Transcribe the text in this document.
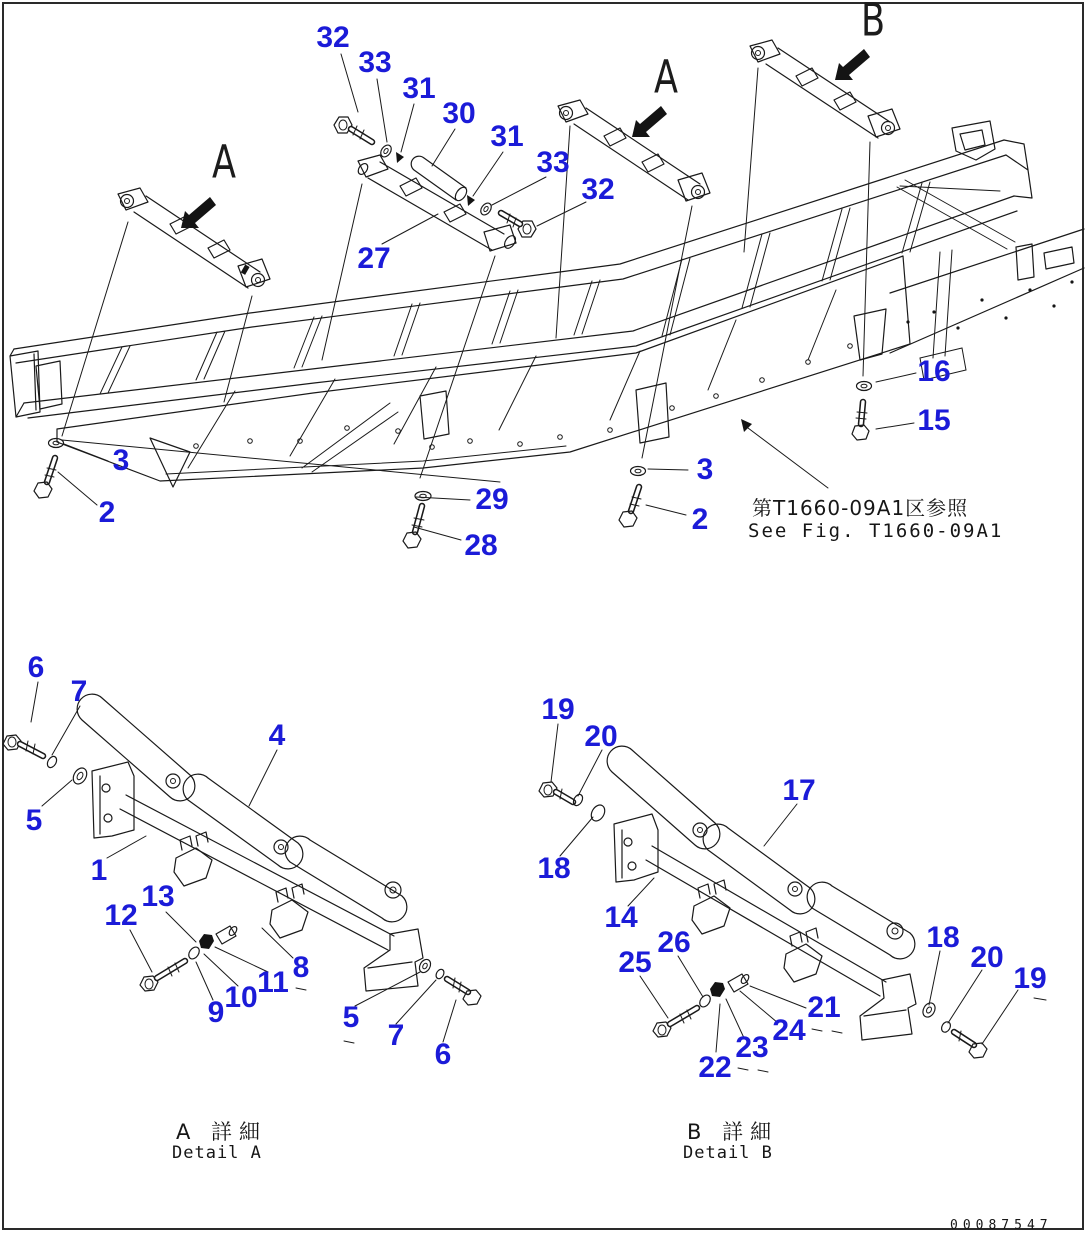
32
33
31
30
31
33
32
27
3
2	29
28
3
2
16
15
A
A
B
第T1660-09A1区参照
See Fig. T1660-09A1
6
7
4
5
1
12
13
9 10 11 8
5
7
6
19
20
17
18
14
26
25
21
24
23
22
18
20
19
A 詳細
Detail A
B 詳細
Detail B
00087547
